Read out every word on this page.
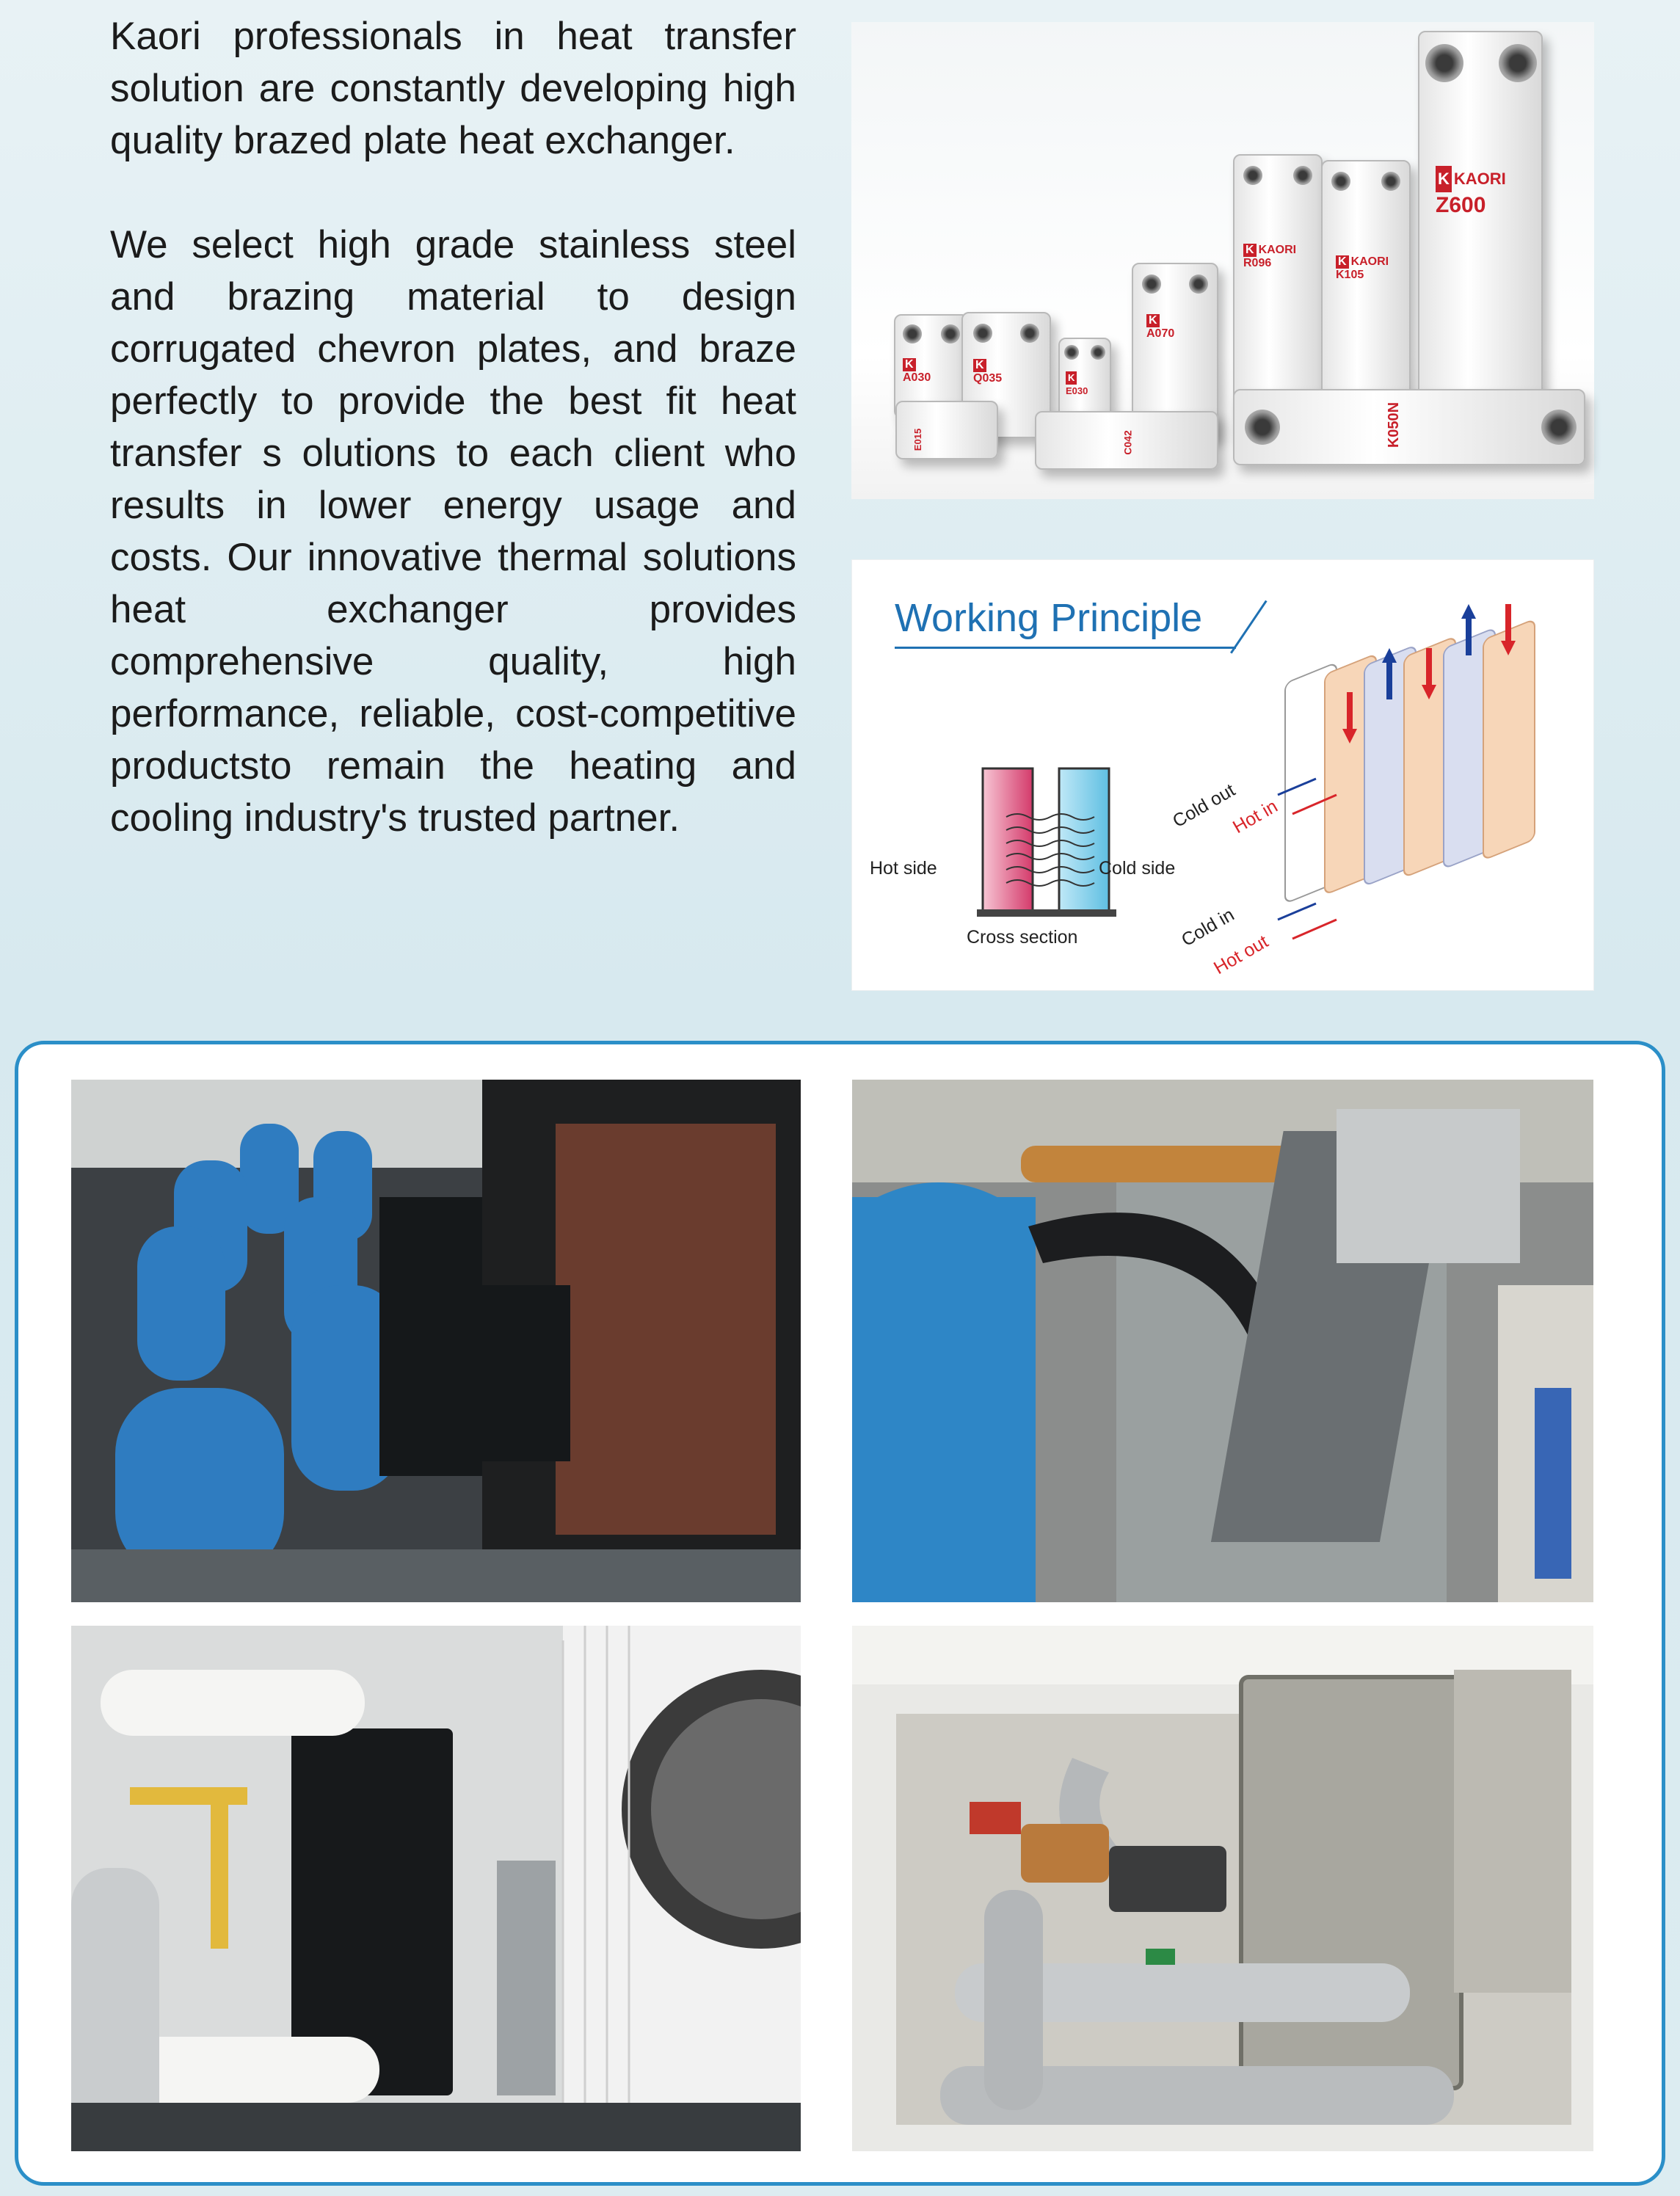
Kaori professionals in heat transfer solution are constantly developing high quality brazed plate heat exchanger.

We select high grade stainless steel and brazing material to design corrugated chevron plates, and braze perfectly to provide the best fit heat transfer s olutions to each client who results in lower energy usage and costs. Our innovative thermal solutions heat exchanger provides comprehensive quality, high performance, reliable, cost-competitive productsto remain the heating and cooling industry's trusted partner.

K
A030
K
Q035	K
E030
K
A070
K KAORI
R096	K KAORI
K105
K KAORI
Z600
E015	C042	K050N
Working Principle
Hot side	Cold side
Cross section
Cold out
Hot in
Cold in
Hot out
